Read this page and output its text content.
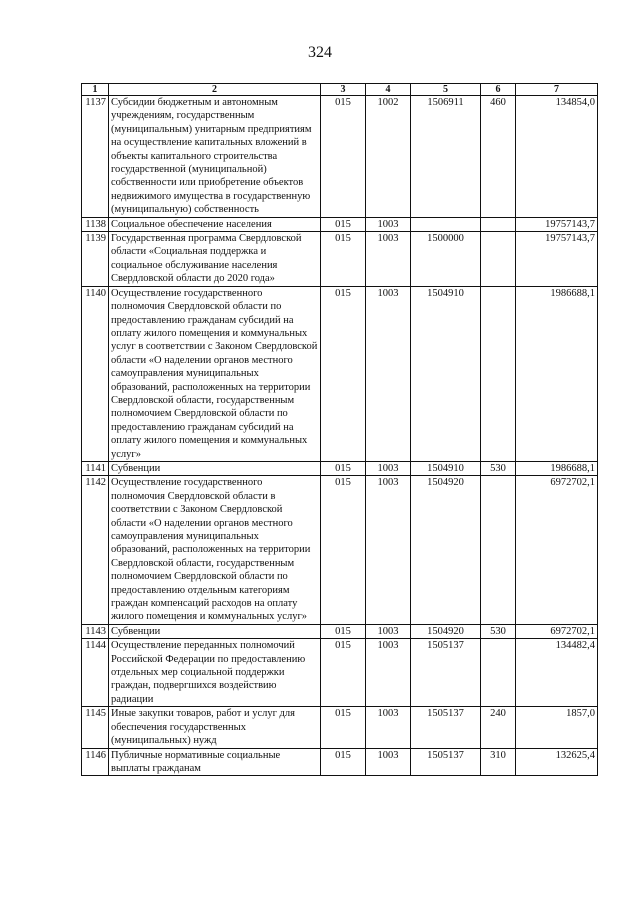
324
1	2	3	4	5	6	7
1137	Субсидии бюджетным и автономным учреждениям, государственным (муниципальным) унитарным предприятиям на осуществление капитальных вложений в объекты капитального строительства государственной (муниципальной) собственности или приобретение объектов недвижимого имущества в государственную (муниципальную) собственность	015	1002	1506911	460	134854,0
1138	Социальное обеспечение населения	015	1003			19757143,7
1139	Государственная программа Свердловской области «Социальная поддержка и социальное обслуживание населения Свердловской области до 2020 года»	015	1003	1500000		19757143,7
1140	Осуществление государственного полномочия Свердловской области по предоставлению гражданам субсидий на оплату жилого помещения и коммунальных услуг в соответствии с Законом Свердловской области «О наделении органов местного самоуправления муниципальных образований, расположенных на территории Свердловской области, государственным полномочием Свердловской области по предоставлению гражданам субсидий на оплату жилого помещения и коммунальных услуг»	015	1003	1504910		1986688,1
1141	Субвенции	015	1003	1504910	530	1986688,1
1142	Осуществление государственного полномочия Свердловской области в соответствии с Законом Свердловской области «О наделении органов местного самоуправления муниципальных образований, расположенных на территории Свердловской области, государственным полномочием Свердловской области по предоставлению отдельным категориям граждан компенсаций расходов на оплату жилого помещения и коммунальных услуг»	015	1003	1504920		6972702,1
1143	Субвенции	015	1003	1504920	530	6972702,1
1144	Осуществление переданных полномочий Российской Федерации по предоставлению отдельных мер социальной поддержки граждан, подвергшихся воздействию радиации	015	1003	1505137		134482,4
1145	Иные закупки товаров, работ и услуг для обеспечения государственных (муниципальных) нужд	015	1003	1505137	240	1857,0
1146	Публичные нормативные социальные выплаты гражданам	015	1003	1505137	310	132625,4
